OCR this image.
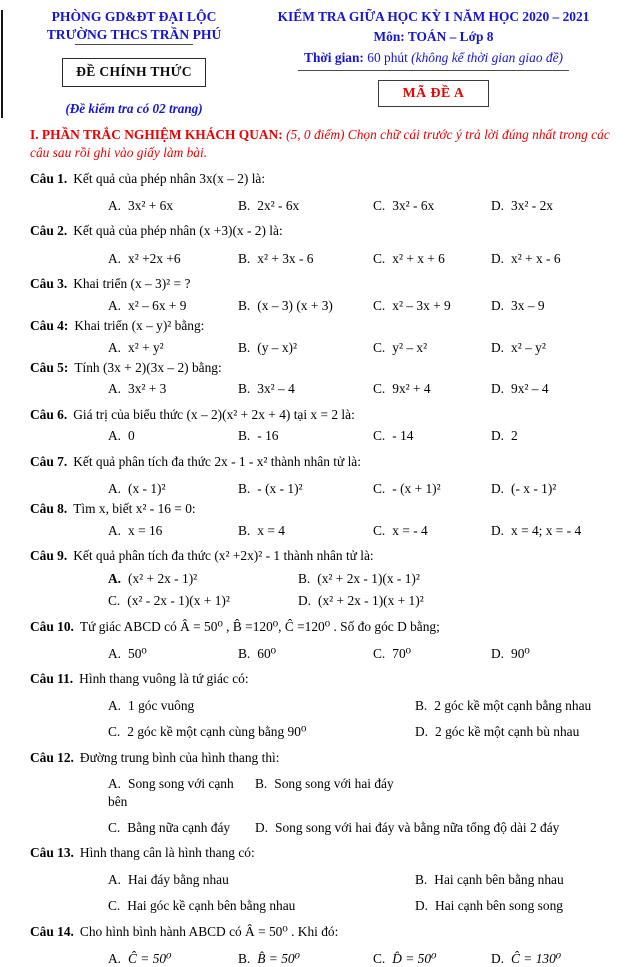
PHÒNG GD&ĐT ĐẠI LỘC
TRƯỜNG THCS TRẦN PHÚ
ĐỀ CHÍNH THỨC
(Đề kiểm tra có 02 trang)
KIỂM TRA GIỮA HỌC KỲ I NĂM HỌC 2020 – 2021
Môn: TOÁN – Lớp 8
Thời gian: 60 phút (không kể thời gian giao đề)
MÃ ĐỀ A
I. PHẦN TRẮC NGHIỆM KHÁCH QUAN: (5, 0 điểm) Chọn chữ cái trước ý trả lời đúng nhất trong các câu sau rồi ghi vào giấy làm bài.
Câu 1. Kết quả của phép nhân 3x(x – 2) là:
A. 3x² + 6x	B. 2x² - 6x	C. 3x² - 6x	D. 3x² - 2x
Câu 2. Kết quả của phép nhân (x +3)(x - 2) là:
A. x² +2x +6	B. x² + 3x - 6	C. x² + x + 6	D. x² + x - 6
Câu 3. Khai triển (x – 3)² = ?
A. x² – 6x + 9	B. (x – 3) (x + 3)	C. x² – 3x + 9	D. 3x – 9
Câu 4: Khai triển (x – y)² bằng:
A. x² + y²	B. (y – x)²	C. y² – x²	D. x² – y²
Câu 5: Tính (3x + 2)(3x – 2) bằng:
A. 3x² + 3	B. 3x² – 4	C. 9x² + 4	D. 9x² – 4
Câu 6. Giá trị của biểu thức (x – 2)(x² + 2x + 4) tại x = 2 là:
A. 0	B. - 16	C. - 14	D. 2
Câu 7. Kết quả phân tích đa thức 2x - 1 - x² thành nhân tử là:
A. (x - 1)²	B. - (x - 1)²	C. - (x + 1)²	D. (- x - 1)²
Câu 8. Tìm x, biết x² - 16 = 0:
A. x = 16	B. x = 4	C. x = - 4	D. x = 4; x = - 4
Câu 9. Kết quả phân tích đa thức (x² +2x)² - 1 thành nhân tử là:
A. (x² + 2x - 1)²	B. (x² + 2x - 1)(x - 1)²
C. (x² - 2x - 1)(x + 1)²	D. (x² + 2x - 1)(x + 1)²
Câu 10. Tứ giác ABCD có Â = 50⁰ , B̂ =120⁰, Ĉ =120⁰ . Số đo góc D bằng;
A. 50⁰	B. 60⁰	C. 70⁰	D. 90⁰
Câu 11. Hình thang vuông là tứ giác có:
A. 1 góc vuông	B. 2 góc kề một cạnh bằng nhau
C. 2 góc kề một cạnh cùng bằng 90⁰	D. 2 góc kề một cạnh bù nhau
Câu 12. Đường trung bình của hình thang thì:
A. Song song với cạnh bên
B. Song song với hai đáy
C. Bằng nữa cạnh đáy	D. Song song với hai đáy và bằng nữa tổng độ dài 2 đáy
Câu 13. Hình thang cân là hình thang có:
A. Hai đáy bằng nhau	B. Hai cạnh bên bằng nhau
C. Hai góc kề cạnh bên bằng nhau	D. Hai cạnh bên song song
Câu 14. Cho hình bình hành ABCD có Â = 50⁰ . Khi đó:
A. Ĉ = 50⁰	B. B̂ = 50⁰	C. D̂ = 50⁰	D. Ĉ = 130⁰
